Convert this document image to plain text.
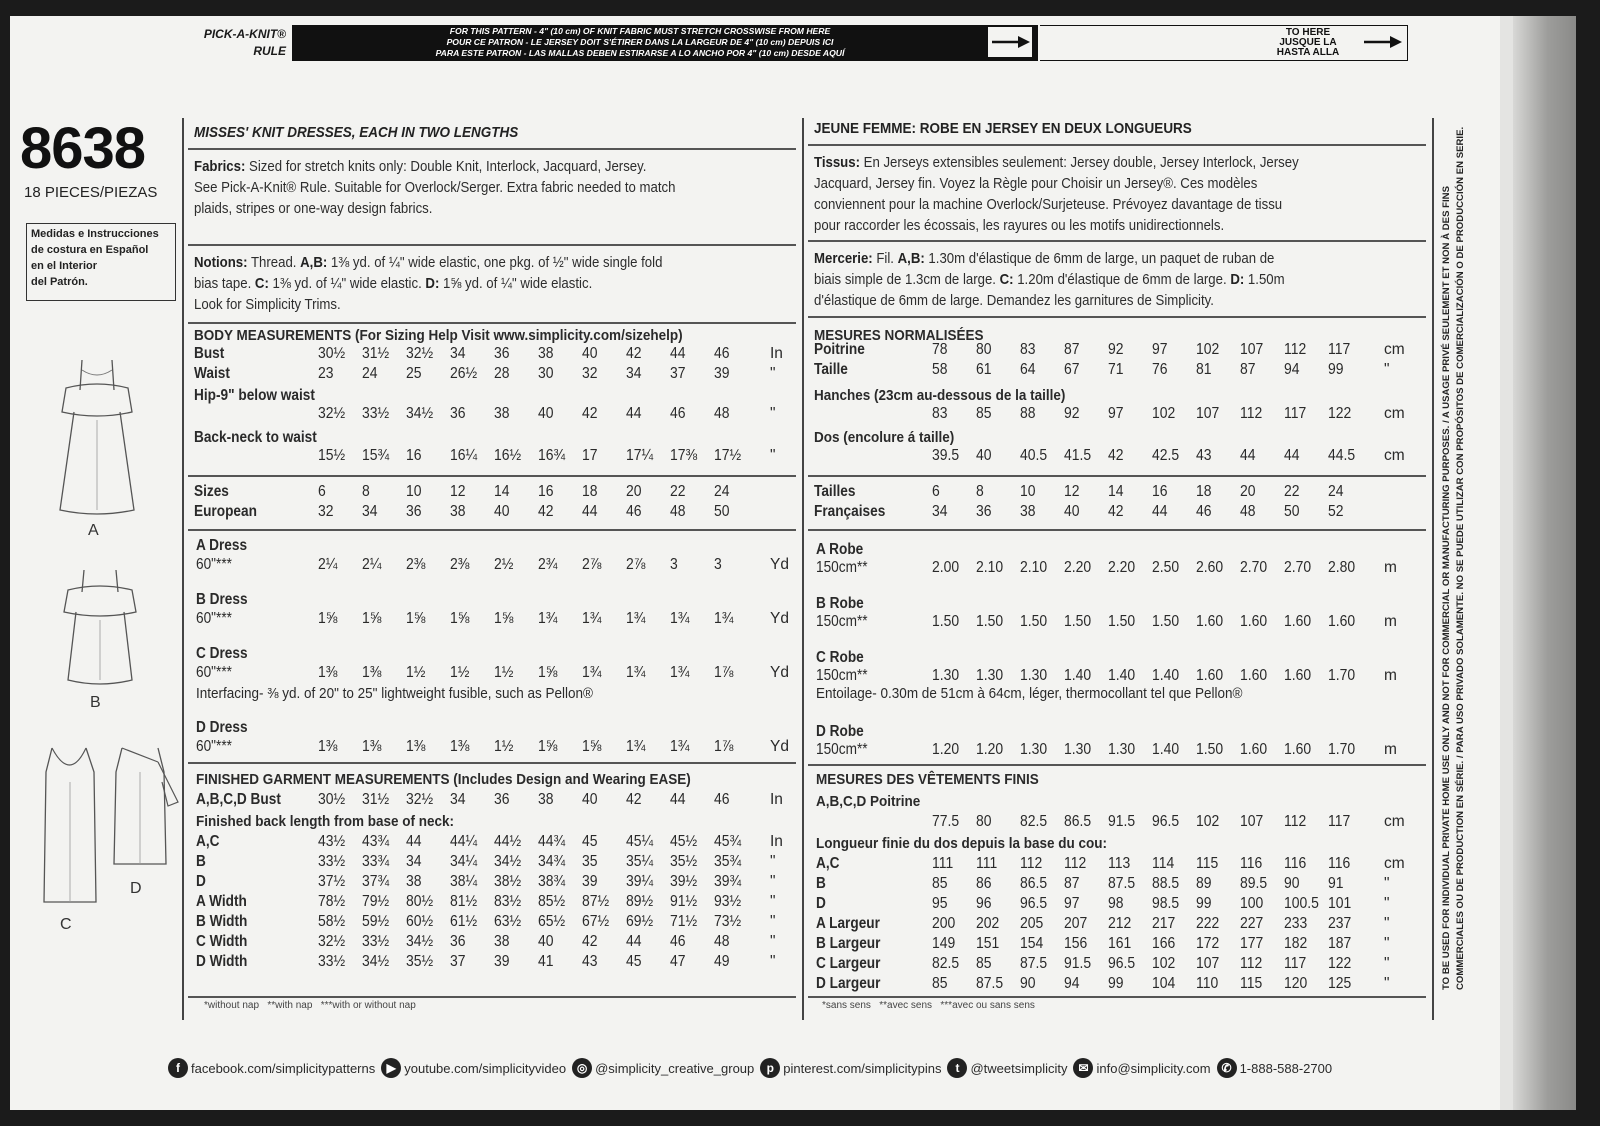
PICK-A-KNIT®
RULE
FOR THIS PATTERN - 4" (10 cm) OF KNIT FABRIC MUST STRETCH CROSSWISE FROM HERE
POUR CE PATRON - LE JERSEY DOIT S'ÉTIRER DANS LA LARGEUR DE 4" (10 cm) DEPUIS ICI
PARA ESTE PATRON - LAS MALLAS DEBEN ESTIRARSE A LO ANCHO POR 4" (10 cm) DESDE AQUÍ
TO HERE
JUSQUE LA
HASTA ALLA
8638
18 PIECES/PIEZAS
Medidas e Instrucciones
de costura en Español
en el Interior
del Patrón.
A
B
C
D
MISSES' KNIT DRESSES, EACH IN TWO LENGTHS
Fabrics: Sized for stretch knits only: Double Knit, Interlock, Jacquard, Jersey.
See Pick-A-Knit® Rule. Suitable for Overlock/Serger. Extra fabric needed to match
plaids, stripes or one-way design fabrics.
Notions: Thread. A,B: 1⅜ yd. of ¼" wide elastic, one pkg. of ½" wide single fold
bias tape. C: 1⅜ yd. of ¼" wide elastic. D: 1⅝ yd. of ¼" wide elastic.
Look for Simplicity Trims.
BODY MEASUREMENTS (For Sizing Help Visit www.simplicity.com/sizehelp)
Bust	30½ 31½ 32½ 34 36 38 40 42 44 46	In
Waist	23 24 25 26½ 28 30 32 34 37 39	"
Hip-9" below waist
32½ 33½ 34½ 36 38 40 42 44 46 48	"
Back-neck to waist
15½ 15¾ 16 16¼ 16½ 16¾ 17 17¼ 17⅜ 17½ "
Sizes	6 8 10 12 14 16 18 20 22 24
European	32 34 36 38 40 42 44 46 48 50
A Dress
60"***	2¼ 2¼ 2⅜ 2⅜ 2½ 2¾ 2⅞ 2⅞ 3 3	Yd
B Dress
60"***	1⅝ 1⅝ 1⅝ 1⅝ 1⅝ 1¾ 1¾ 1¾ 1¾ 1¾ Yd
C Dress
60"***	1⅜ 1⅜ 1½ 1½ 1½ 1⅝ 1¾ 1¾ 1¾ 1⅞ Yd
D Dress
60"***	1⅜ 1⅜ 1⅜ 1⅜ 1½ 1⅝ 1⅝ 1¾ 1¾ 1⅞ Yd
Interfacing- ⅜ yd. of 20" to 25" lightweight fusible, such as Pellon®
FINISHED GARMENT MEASUREMENTS (Includes Design and Wearing EASE)
A,B,C,D Bust 30½ 31½ 32½ 34 36 38 40 42 44 46	In
Finished back length from base of neck:
A,C	43½ 43¾ 44 44¼ 44½ 44¾ 45 45¼ 45½ 45¾ In
B	33½ 33¾ 34 34¼ 34½ 34¾ 35 35¼ 35½ 35¾ "
D	37½ 37¾ 38 38¼ 38½ 38¾ 39 39¼ 39½ 39¾ "
A Width	78½ 79½ 80½ 81½ 83½ 85½ 87½ 89½ 91½ 93½ "
B Width	58½ 59½ 60½ 61½ 63½ 65½ 67½ 69½ 71½ 73½ "
C Width	32½ 33½ 34½ 36 38 40 42 44 46 48	"
D Width	33½ 34½ 35½ 37 39 41 43 45 47 49	"
*without nap   **with nap   ***with or without nap
JEUNE FEMME: ROBE EN JERSEY EN DEUX LONGUEURS
Tissus: En Jerseys extensibles seulement: Jersey double, Jersey Interlock, Jersey
Jacquard, Jersey fin. Voyez la Règle pour Choisir un Jersey®. Ces modèles
conviennent pour la machine Overlock/Surjeteuse. Prévoyez davantage de tissu
pour raccorder les écossais, les rayures ou les motifs unidirectionnels.
Mercerie: Fil. A,B: 1.30m d'élastique de 6mm de large, un paquet de ruban de
biais simple de 1.3cm de large. C: 1.20m d'élastique de 6mm de large. D: 1.50m
d'élastique de 6mm de large. Demandez les garnitures de Simplicity.
MESURES NORMALISÉES
Poitrine	78 80 83 87 92 97 102 107 112 117 cm
Taille	58 61 64 67 71 76 81 87 94 99	"
Hanches (23cm au-dessous de la taille)
83 85 88 92 97 102 107 112 117 122 cm
Dos (encolure á taille)
39.5 40 40.5 41.5 42 42.5 43 44 44 44.5 cm
Tailles	6 8 10 12 14 16 18 20 22 24
Françaises	34 36 38 40 42 44 46 48 50 52
A Robe
150cm**	2.00 2.10 2.10 2.20 2.20 2.50 2.60 2.70 2.70 2.80 m
B Robe
150cm**	1.50 1.50 1.50 1.50 1.50 1.50 1.60 1.60 1.60 1.60 m
C Robe
150cm**	1.30 1.30 1.30 1.40 1.40 1.40 1.60 1.60 1.60 1.70 m
D Robe
150cm**	1.20 1.20 1.30 1.30 1.30 1.40 1.50 1.60 1.60 1.70 m
Entoilage- 0.30m de 51cm à 64cm, léger, thermocollant tel que Pellon®
MESURES DES VÊTEMENTS FINIS
A,B,C,D Poitrine
77.5 80 82.5 86.5 91.5 96.5 102 107 112 117 cm
Longueur finie du dos depuis la base du cou:
A,C	111 111 112 112 113 114 115 116 116 116 cm
B	85 86 86.5 87 87.5 88.5 89 89.5 90 91	"
D	95 96 96.5 97 98 98.5 99 100 100.5 101 "
A Largeur	200 202 205 207 212 217 222 227 233 237 "
B Largeur	149 151 154 156 161 166 172 177 182 187 "
C Largeur	82.5 85 87.5 91.5 96.5 102 107 112 117 122 "
D Largeur	85 87.5 90 94 99 104 110 115 120 125 "
*sans sens   **avec sens   ***avec ou sans sens
TO BE USED FOR INDIVIDUAL PRIVATE HOME USE ONLY AND NOT FOR COMMERCIAL OR MANUFACTURING PURPOSES. / A USAGE PRIVÉ SEULEMENT ET NON À DES FINS COMMERCIALES OU DE PRODUCTION EN SÉRIE. / PARA USO PRIVADO SOLAMENTE. NO SE PUEDE UTILIZAR CON PROPÓSITOS DE COMERCIALIZACIÓN O DE PRODUCCIÓN EN SERIE.
f facebook.com/simplicitypatterns ▶ youtube.com/simplicityvideo ◎ @simplicity_creative_group	p pinterest.com/simplicitypins	t @tweetsimplicity ✉ info@simplicity.com ✆ 1-888-588-2700
